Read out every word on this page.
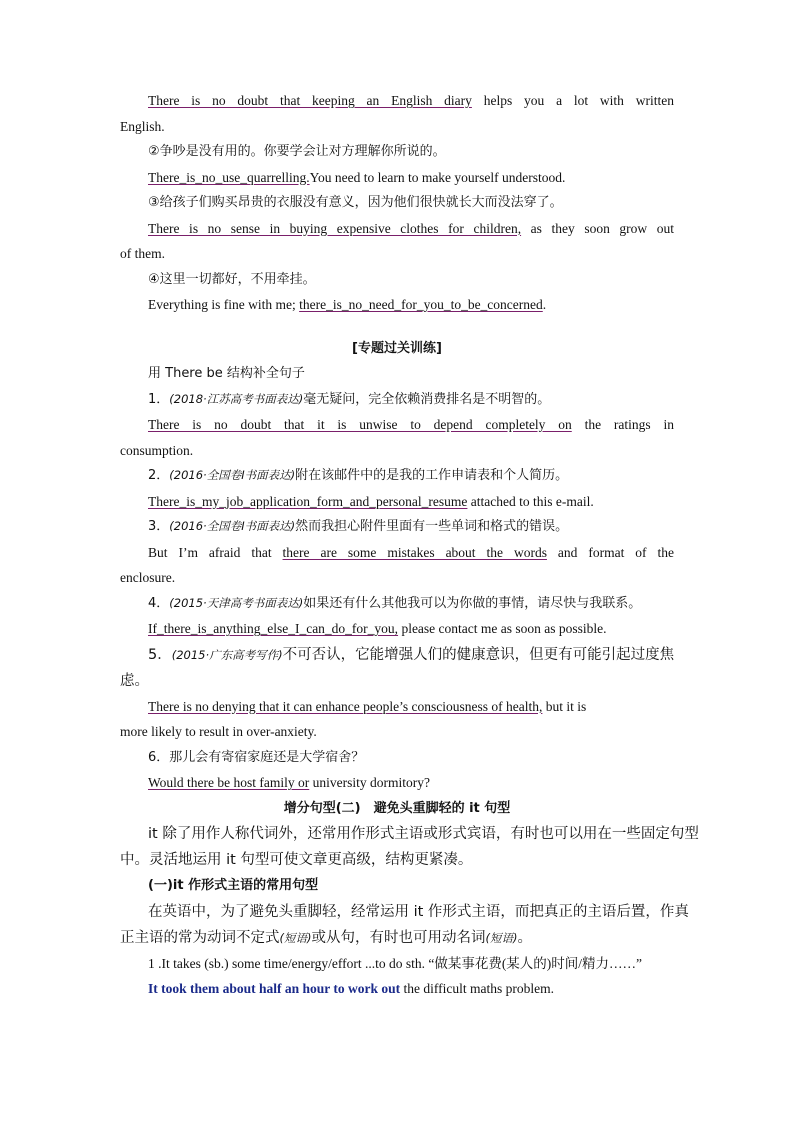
There is no doubt that keeping an English diary helps you a lot with written

English.

②争吵是没有用的。你要学会让对方理解你所说的。

There_is_no_use_quarrelling.You need to learn to make yourself understood.

③给孩子们购买昂贵的衣服没有意义，因为他们很快就长大而没法穿了。

There is no sense in buying expensive clothes for children, as they soon grow out

of them.

④这里一切都好，不用牵挂。

Everything is fine with me; there_is_no_need_for_you_to_be_concerned.

[专题过关训练]

用 There be 结构补全句子

1．(2018·江苏高考书面表达)毫无疑问，完全依赖消费排名是不明智的。

There is no doubt that it is unwise to depend completely on the ratings in

consumption.

2．(2016·全国卷Ⅰ书面表达)附在该邮件中的是我的工作申请表和个人简历。

There_is_my_job_application_form_and_personal_resume attached to this e-mail.

3．(2016·全国卷Ⅰ书面表达)然而我担心附件里面有一些单词和格式的错误。

But I’m afraid that there are some mistakes about the words and format of the

enclosure.

4．(2015·天津高考书面表达)如果还有什么其他我可以为你做的事情，请尽快与我联系。

If_there_is_anything_else_I_can_do_for_you, please contact me as soon as possible.

5．(2015·广东高考写作)不可否认，它能增强人们的健康意识，但更有可能引起过度焦

虑。

There is no denying that it can enhance people’s consciousness of health, but it is

more likely to result in over-anxiety.

6．那儿会有寄宿家庭还是大学宿舍？

Would there be host family or university dormitory?

增分句型(二)　避免头重脚轻的 it 句型

it 除了用作人称代词外，还常用作形式主语或形式宾语，有时也可以用在一些固定句型

中。灵活地运用 it 句型可使文章更高级，结构更紧凑。

(一)it 作形式主语的常用句型

在英语中，为了避免头重脚轻，经常运用 it 作形式主语，而把真正的主语后置，作真

正主语的常为动词不定式(短语)或从句，有时也可用动名词(短语)。

1 .It takes (sb.) some time/energy/effort ...to do sth. “做某事花费(某人的)时间/精力……”

It took them about half an hour to work out the difficult maths problem.
